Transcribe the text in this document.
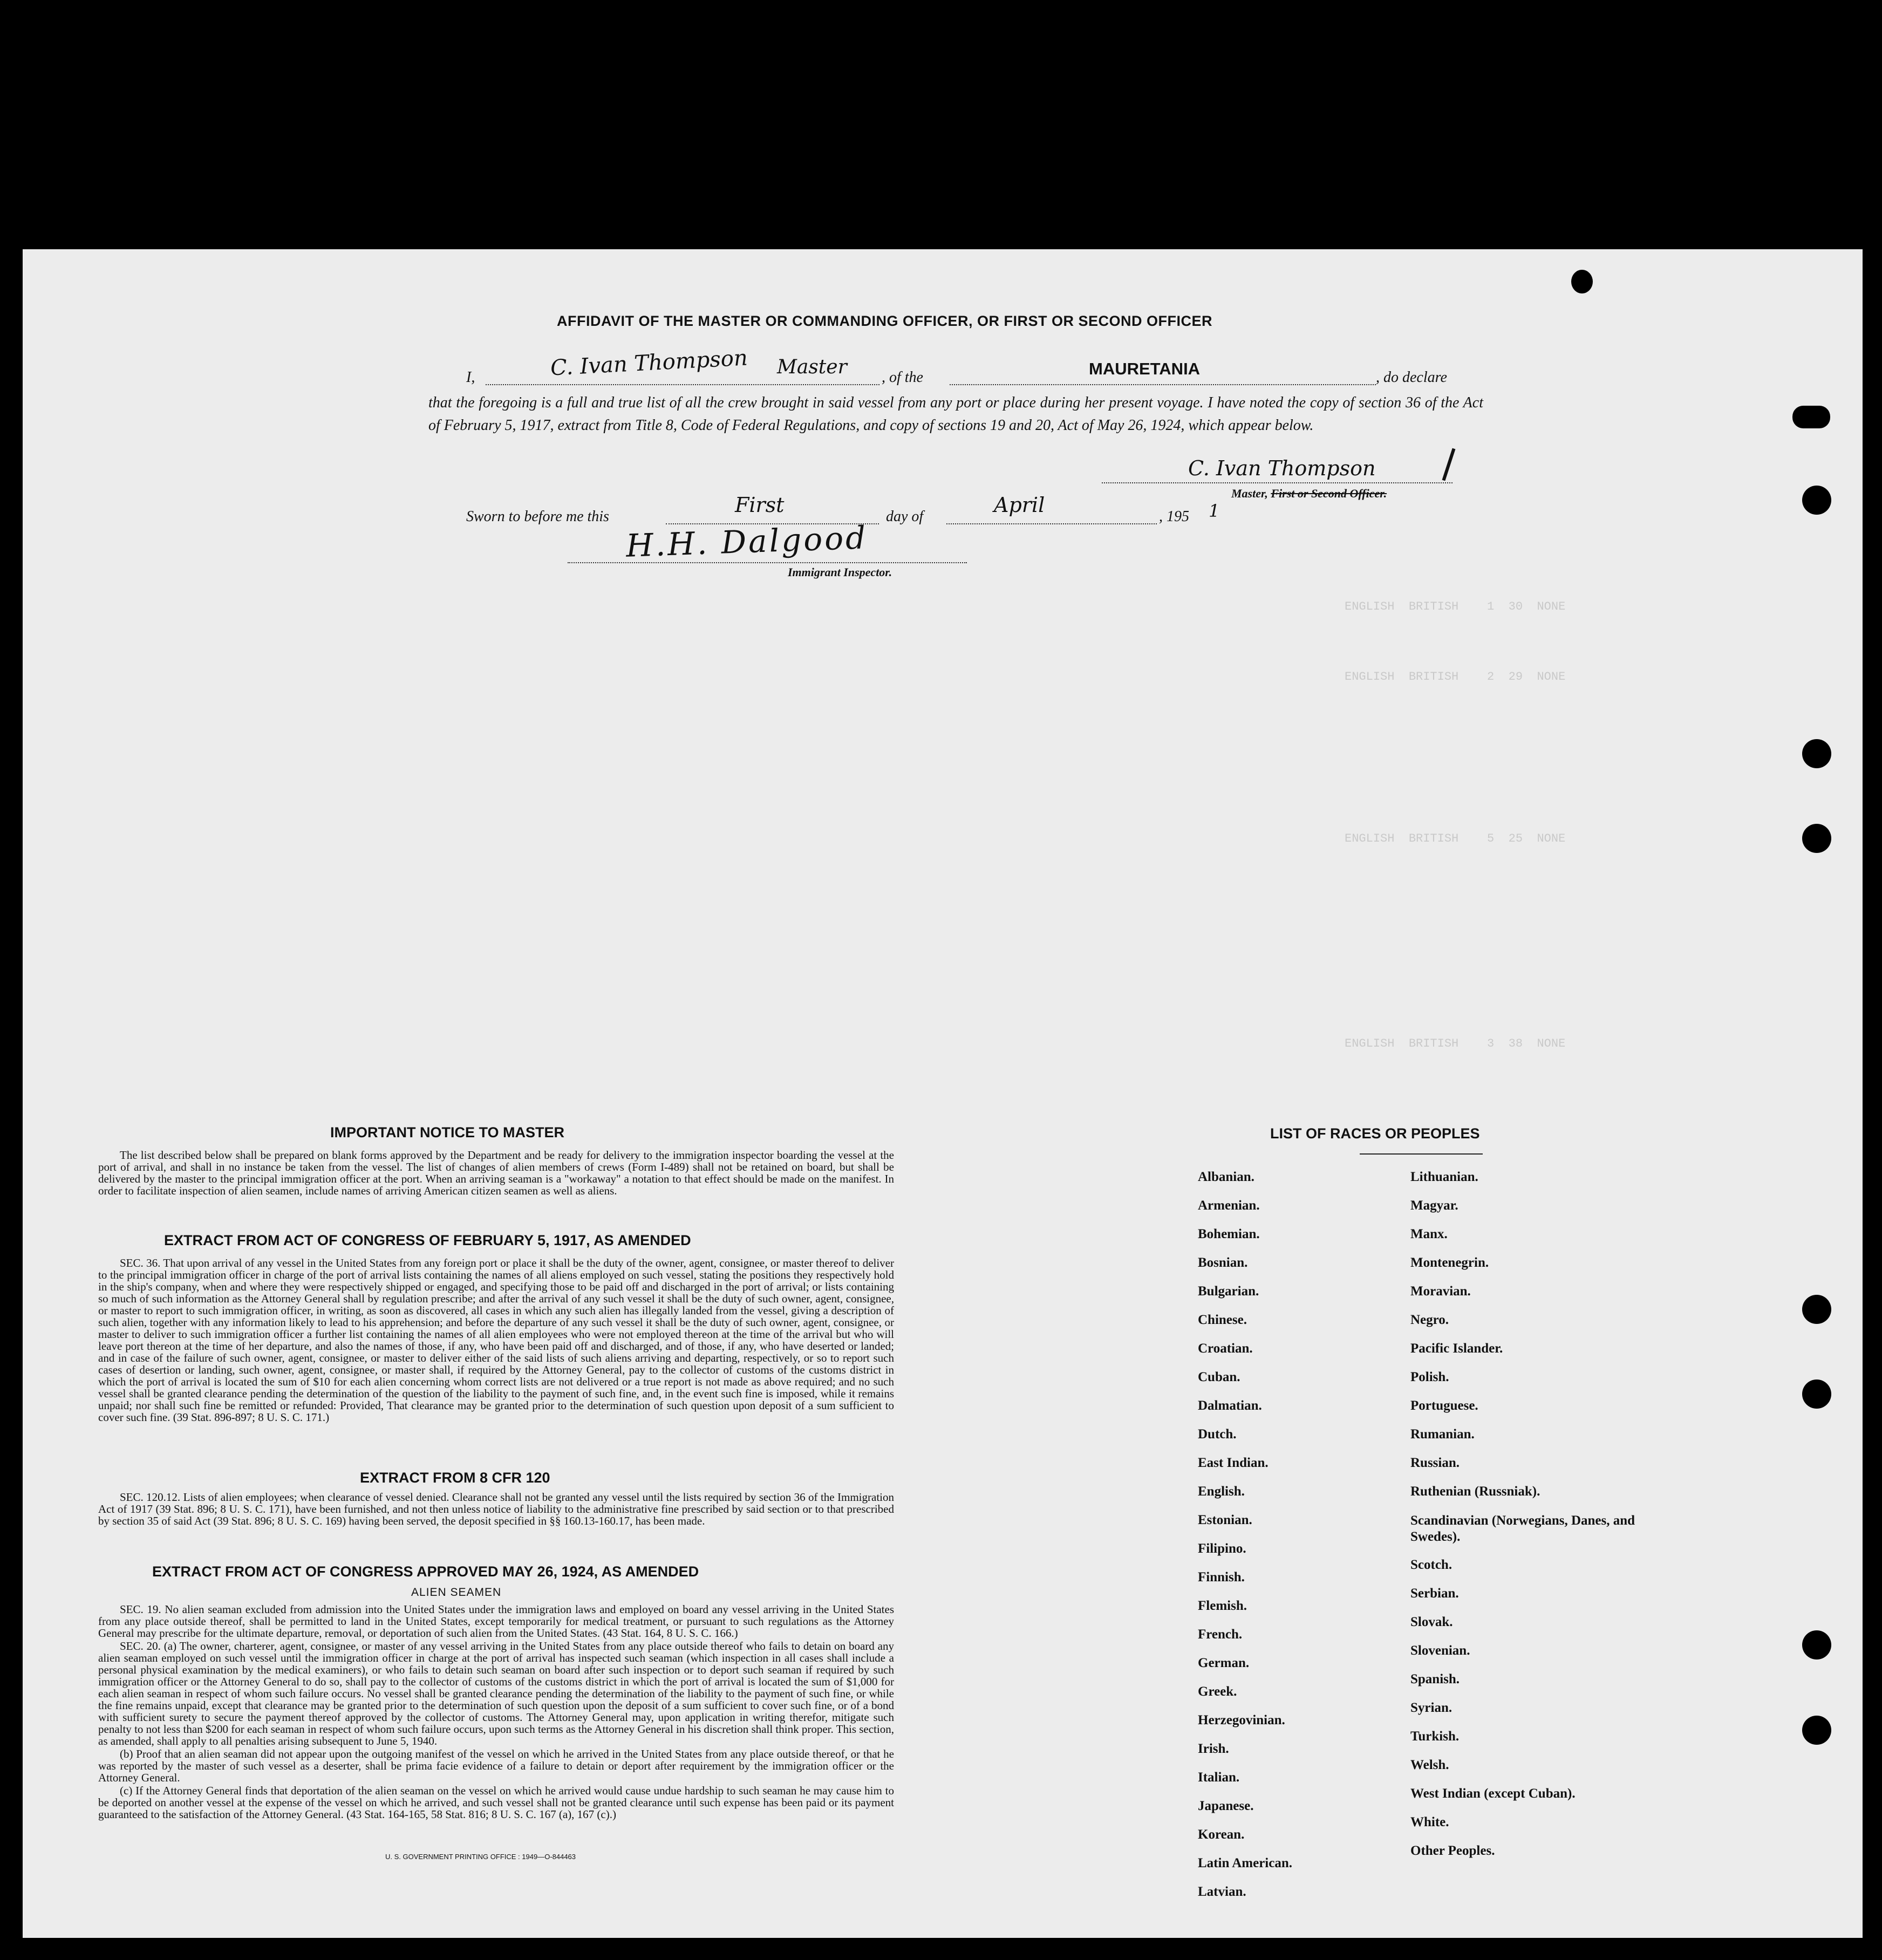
ENGLISH  BRITISH    1  30  NONE
ENGLISH  BRITISH    2  29  NONE
ENGLISH  BRITISH    5  25  NONE
ENGLISH  BRITISH    3  38  NONE
AFFIDAVIT OF THE MASTER OR COMMANDING OFFICER, OR FIRST OR SECOND OFFICER
I,	C. Ivan Thompson Master , of the	MAURETANIA	, do declare
that the foregoing is a full and true list of all the crew brought in said vessel from any port or place during her present voyage. I have noted the copy of section 36 of the Act of February 5, 1917, extract from Title 8, Code of Federal Regulations, and copy of sections 19 and 20, Act of May 26, 1924, which appear below.
C. Ivan Thompson
Master, First or Second Officer.
Sworn to before me this	First	day of	April	, 195 1
H.H. Dalgood
Immigrant Inspector.
IMPORTANT NOTICE TO MASTER

The list described below shall be prepared on blank forms approved by the Department and be ready for delivery to the immigration inspector boarding the vessel at the port of arrival, and shall in no instance be taken from the vessel. The list of changes of alien members of crews (Form I-489) shall not be retained on board, but shall be delivered by the master to the principal immigration officer at the port. When an arriving seaman is a "workaway" a notation to that effect should be made on the manifest. In order to facilitate inspection of alien seamen, include names of arriving American citizen seamen as well as aliens.

EXTRACT FROM ACT OF CONGRESS OF FEBRUARY 5, 1917, AS AMENDED

SEC. 36. That upon arrival of any vessel in the United States from any foreign port or place it shall be the duty of the owner, agent, consignee, or master thereof to deliver to the principal immigration officer in charge of the port of arrival lists containing the names of all aliens employed on such vessel, stating the positions they respectively hold in the ship's company, when and where they were respectively shipped or engaged, and specifying those to be paid off and discharged in the port of arrival; or lists containing so much of such information as the Attorney General shall by regulation prescribe; and after the arrival of any such vessel it shall be the duty of such owner, agent, consignee, or master to report to such immigration officer, in writing, as soon as discovered, all cases in which any such alien has illegally landed from the vessel, giving a description of such alien, together with any information likely to lead to his apprehension; and before the departure of any such vessel it shall be the duty of such owner, agent, consignee, or master to deliver to such immigration officer a further list containing the names of all alien employees who were not employed thereon at the time of the arrival but who will leave port thereon at the time of her departure, and also the names of those, if any, who have been paid off and discharged, and of those, if any, who have deserted or landed; and in case of the failure of such owner, agent, consignee, or master to deliver either of the said lists of such aliens arriving and departing, respectively, or so to report such cases of desertion or landing, such owner, agent, consignee, or master shall, if required by the Attorney General, pay to the collector of customs of the customs district in which the port of arrival is located the sum of $10 for each alien concerning whom correct lists are not delivered or a true report is not made as above required; and no such vessel shall be granted clearance pending the determination of the question of the liability to the payment of such fine, and, in the event such fine is imposed, while it remains unpaid; nor shall such fine be remitted or refunded: Provided, That clearance may be granted prior to the determination of such question upon deposit of a sum sufficient to cover such fine. (39 Stat. 896-897; 8 U. S. C. 171.)

EXTRACT FROM 8 CFR 120

SEC. 120.12. Lists of alien employees; when clearance of vessel denied. Clearance shall not be granted any vessel until the lists required by section 36 of the Immigration Act of 1917 (39 Stat. 896; 8 U. S. C. 171), have been furnished, and not then unless notice of liability to the administrative fine prescribed by said section or to that prescribed by section 35 of said Act (39 Stat. 896; 8 U. S. C. 169) having been served, the deposit specified in §§ 160.13-160.17, has been made.

EXTRACT FROM ACT OF CONGRESS APPROVED MAY 26, 1924, AS AMENDED
ALIEN SEAMEN

SEC. 19. No alien seaman excluded from admission into the United States under the immigration laws and employed on board any vessel arriving in the United States from any place outside thereof, shall be permitted to land in the United States, except temporarily for medical treatment, or pursuant to such regulations as the Attorney General may prescribe for the ultimate departure, removal, or deportation of such alien from the United States. (43 Stat. 164, 8 U. S. C. 166.)

SEC. 20. (a) The owner, charterer, agent, consignee, or master of any vessel arriving in the United States from any place outside thereof who fails to detain on board any alien seaman employed on such vessel until the immigration officer in charge at the port of arrival has inspected such seaman (which inspection in all cases shall include a personal physical examination by the medical examiners), or who fails to detain such seaman on board after such inspection or to deport such seaman if required by such immigration officer or the Attorney General to do so, shall pay to the collector of customs of the customs district in which the port of arrival is located the sum of $1,000 for each alien seaman in respect of whom such failure occurs. No vessel shall be granted clearance pending the determination of the liability to the payment of such fine, or while the fine remains unpaid, except that clearance may be granted prior to the determination of such question upon the deposit of a sum sufficient to cover such fine, or of a bond with sufficient surety to secure the payment thereof approved by the collector of customs. The Attorney General may, upon application in writing therefor, mitigate such penalty to not less than $200 for each seaman in respect of whom such failure occurs, upon such terms as the Attorney General in his discretion shall think proper. This section, as amended, shall apply to all penalties arising subsequent to June 5, 1940.

(b) Proof that an alien seaman did not appear upon the outgoing manifest of the vessel on which he arrived in the United States from any place outside thereof, or that he was reported by the master of such vessel as a deserter, shall be prima facie evidence of a failure to detain or deport after requirement by the immigration officer or the Attorney General.

(c) If the Attorney General finds that deportation of the alien seaman on the vessel on which he arrived would cause undue hardship to such seaman he may cause him to be deported on another vessel at the expense of the vessel on which he arrived, and such vessel shall not be granted clearance until such expense has been paid or its payment guaranteed to the satisfaction of the Attorney General. (43 Stat. 164-165, 58 Stat. 816; 8 U. S. C. 167 (a), 167 (c).)

U. S. GOVERNMENT PRINTING OFFICE : 1949—O-844463
LIST OF RACES OR PEOPLES
Albanian.
Armenian.
Bohemian.
Bosnian.
Bulgarian.
Chinese.
Croatian.
Cuban.
Dalmatian.
Dutch.
East Indian.
English.
Estonian.
Filipino.
Finnish.
Flemish.
French.
German.
Greek.
Herzegovinian.
Irish.
Italian.
Japanese.
Korean.
Latin American.
Latvian.
Lithuanian.
Magyar.
Manx.
Montenegrin.
Moravian.
Negro.
Pacific Islander.
Polish.
Portuguese.
Rumanian.
Russian.
Ruthenian (Russniak).
Scandinavian (Norwegians, Danes, and Swedes).
Scotch.
Serbian.
Slovak.
Slovenian.
Spanish.
Syrian.
Turkish.
Welsh.
West Indian (except Cuban).
White.
Other Peoples.
